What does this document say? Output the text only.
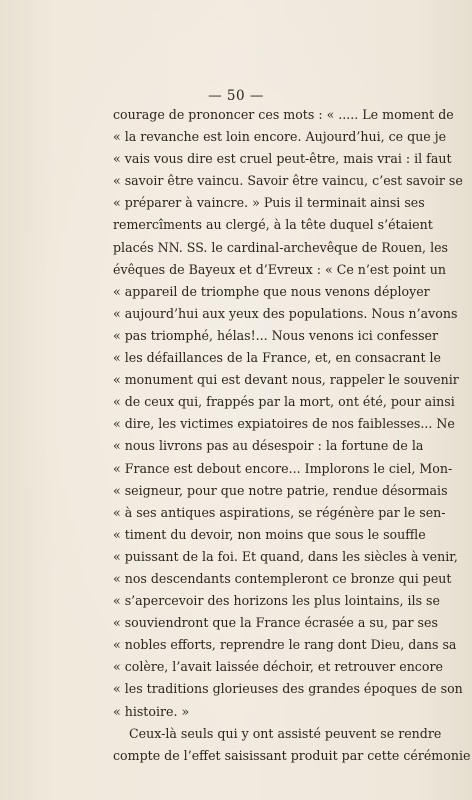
— 50 —
courage de prononcer ces mots : « ..... Le moment de
« la revanche est loin encore. Aujourd’hui, ce que je
« vais vous dire est cruel peut-être, mais vrai : il faut
« savoir être vaincu. Savoir être vaincu, c’est savoir se
« préparer à vaincre. » Puis il terminait ainsi ses
remercîments au clergé, à la tête duquel s’étaient
placés NN. SS. le cardinal-archevêque de Rouen, les
évêques de Bayeux et d’Evreux : « Ce n’est point un
« appareil de triomphe que nous venons déployer
« aujourd’hui aux yeux des populations. Nous n’avons
« pas triomphé, hélas!... Nous venons ici confesser
« les défaillances de la France, et, en consacrant le
« monument qui est devant nous, rappeler le souvenir
« de ceux qui, frappés par la mort, ont été, pour ainsi
« dire, les victimes expiatoires de nos faiblesses... Ne
« nous livrons pas au désespoir : la fortune de la
« France est debout encore... Implorons le ciel, Mon-
« seigneur, pour que notre patrie, rendue désormais
« à ses antiques aspirations, se régénère par le sen-
« timent du devoir, non moins que sous le souffle
« puissant de la foi. Et quand, dans les siècles à venir,
« nos descendants contempleront ce bronze qui peut
« s’apercevoir des horizons les plus lointains, ils se
« souviendront que la France écrasée a su, par ses
« nobles efforts, reprendre le rang dont Dieu, dans sa
« colère, l’avait laissée déchoir, et retrouver encore
« les traditions glorieuses des grandes époques de son
« histoire. »
Ceux-là seuls qui y ont assisté peuvent se rendre
compte de l’effet saisissant produit par cette cérémonie
